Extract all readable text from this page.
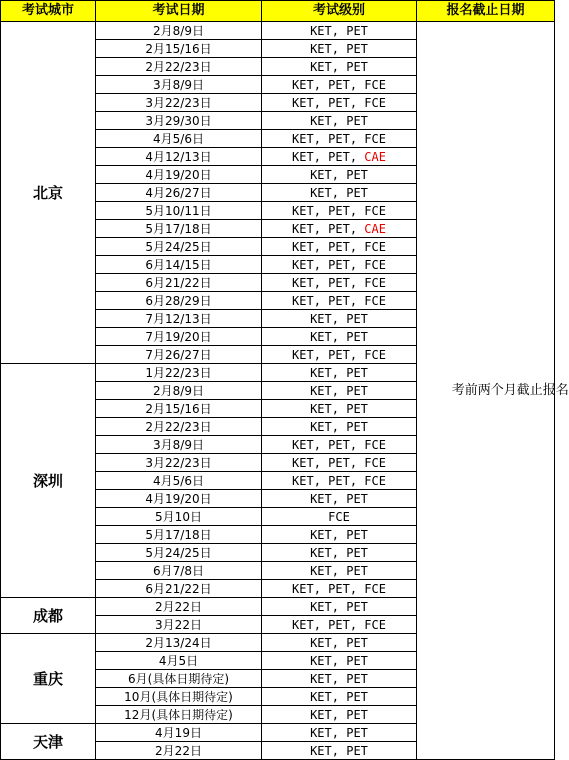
考试城市	考试日期	考试级别	报名截止日期
北京	2月8/9日	KET, PET	考前两个月截止报名
	2月15/16日	KET, PET	
	2月22/23日	KET, PET	
	3月8/9日	KET, PET, FCE	
	3月22/23日	KET, PET, FCE	
	3月29/30日	KET, PET	
	4月5/6日	KET, PET, FCE	
	4月12/13日	KET, PET, CAE	
	4月19/20日	KET, PET	
	4月26/27日	KET, PET	
	5月10/11日	KET, PET, FCE	
	5月17/18日	KET, PET, CAE	
	5月24/25日	KET, PET, FCE	
	6月14/15日	KET, PET, FCE	
	6月21/22日	KET, PET, FCE	
	6月28/29日	KET, PET, FCE	
	7月12/13日	KET, PET	
	7月19/20日	KET, PET	
	7月26/27日	KET, PET, FCE	
深圳	1月22/23日	KET, PET	
	2月8/9日	KET, PET	
	2月15/16日	KET, PET	
	2月22/23日	KET, PET	
	3月8/9日	KET, PET, FCE	
	3月22/23日	KET, PET, FCE	
	4月5/6日	KET, PET, FCE	
	4月19/20日	KET, PET	
	5月10日	FCE	
	5月17/18日	KET, PET	
	5月24/25日	KET, PET	
	6月7/8日	KET, PET	
	6月21/22日	KET, PET, FCE	
成都	2月22日	KET, PET	
	3月22日	KET, PET, FCE	
重庆	2月13/24日	KET, PET	
	4月5日	KET, PET	
	6月(具体日期待定)	KET, PET	
	10月(具体日期待定)	KET, PET	
	12月(具体日期待定)	KET, PET	
天津	4月19日	KET, PET	
	2月22日	KET, PET	
